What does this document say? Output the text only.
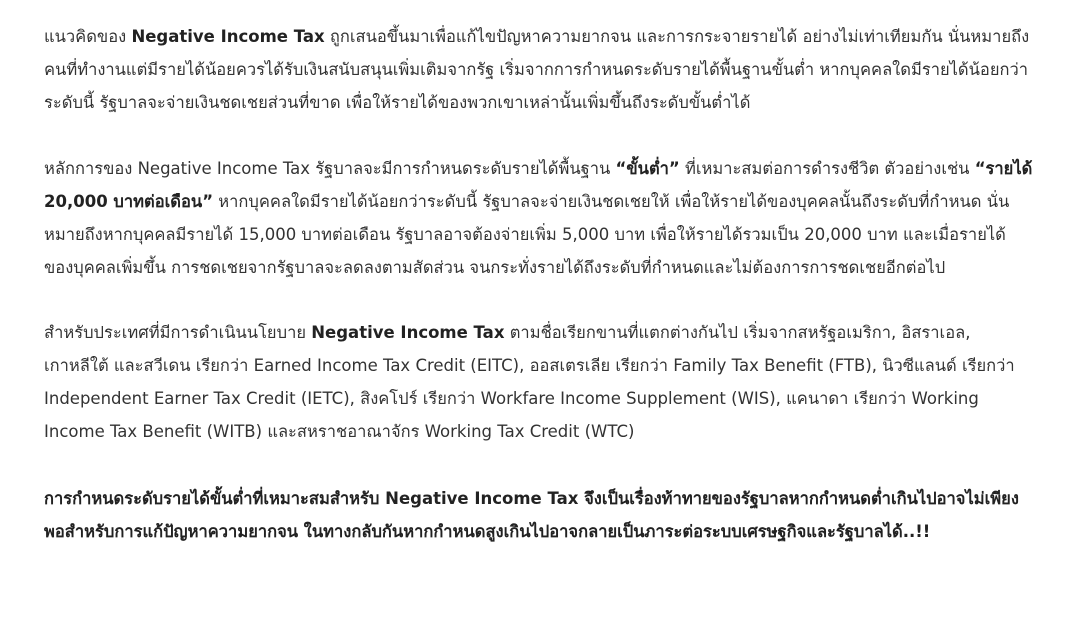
แนวคิดของ Negative Income Tax ถูกเสนอขึ้นมาเพื่อแก้ไขปัญหาความยากจน และการกระจายรายได้ อย่างไม่เท่าเทียมกัน นั่นหมายถึงคนที่ทำงานแต่มีรายได้น้อยควรได้รับเงินสนับสนุนเพิ่มเติมจากรัฐ เริ่มจากการกำหนดระดับรายได้พื้นฐานขั้นต่ำ หากบุคคลใดมีรายได้น้อยกว่าระดับนี้ รัฐบาลจะจ่ายเงินชดเชยส่วนที่ขาด เพื่อให้รายได้ของพวกเขาเหล่านั้นเพิ่มขึ้นถึงระดับขั้นต่ำได้

หลักการของ Negative Income Tax รัฐบาลจะมีการกำหนดระดับรายได้พื้นฐาน “ขั้นต่ำ” ที่เหมาะสมต่อการดำรงชีวิต ตัวอย่างเช่น “รายได้ 20,000 บาทต่อเดือน” หากบุคคลใดมีรายได้น้อยกว่าระดับนี้ รัฐบาลจะจ่ายเงินชดเชยให้ เพื่อให้รายได้ของบุคคลนั้นถึงระดับที่กำหนด นั่นหมายถึงหากบุคคลมีรายได้ 15,000 บาทต่อเดือน รัฐบาลอาจต้องจ่ายเพิ่ม 5,000 บาท เพื่อให้รายได้รวมเป็น 20,000 บาท และเมื่อรายได้ของบุคคลเพิ่มขึ้น การชดเชยจากรัฐบาลจะลดลงตามสัดส่วน จนกระทั่งรายได้ถึงระดับที่กำหนดและไม่ต้องการการชดเชยอีกต่อไป

สำหรับประเทศที่มีการดำเนินนโยบาย Negative Income Tax ตามชื่อเรียกขานที่แตกต่างกันไป เริ่มจากสหรัฐอเมริกา, อิสราเอล, เกาหลีใต้ และสวีเดน เรียกว่า Earned Income Tax Credit (EITC), ออสเตรเลีย เรียกว่า Family Tax Benefit (FTB), นิวซีแลนด์ เรียกว่า Independent Earner Tax Credit (IETC), สิงคโปร์ เรียกว่า Workfare Income Supplement (WIS), แคนาดา เรียกว่า Working Income Tax Benefit (WITB) และสหราชอาณาจักร Working Tax Credit (WTC)

การกำหนดระดับรายได้ขั้นต่ำที่เหมาะสมสำหรับ Negative Income Tax จึงเป็นเรื่องท้าทายของรัฐบาลหากกำหนดต่ำเกินไปอาจไม่เพียงพอสำหรับการแก้ปัญหาความยากจน ในทางกลับกันหากกำหนดสูงเกินไปอาจกลายเป็นภาระต่อระบบเศรษฐกิจและรัฐบาลได้..!!
